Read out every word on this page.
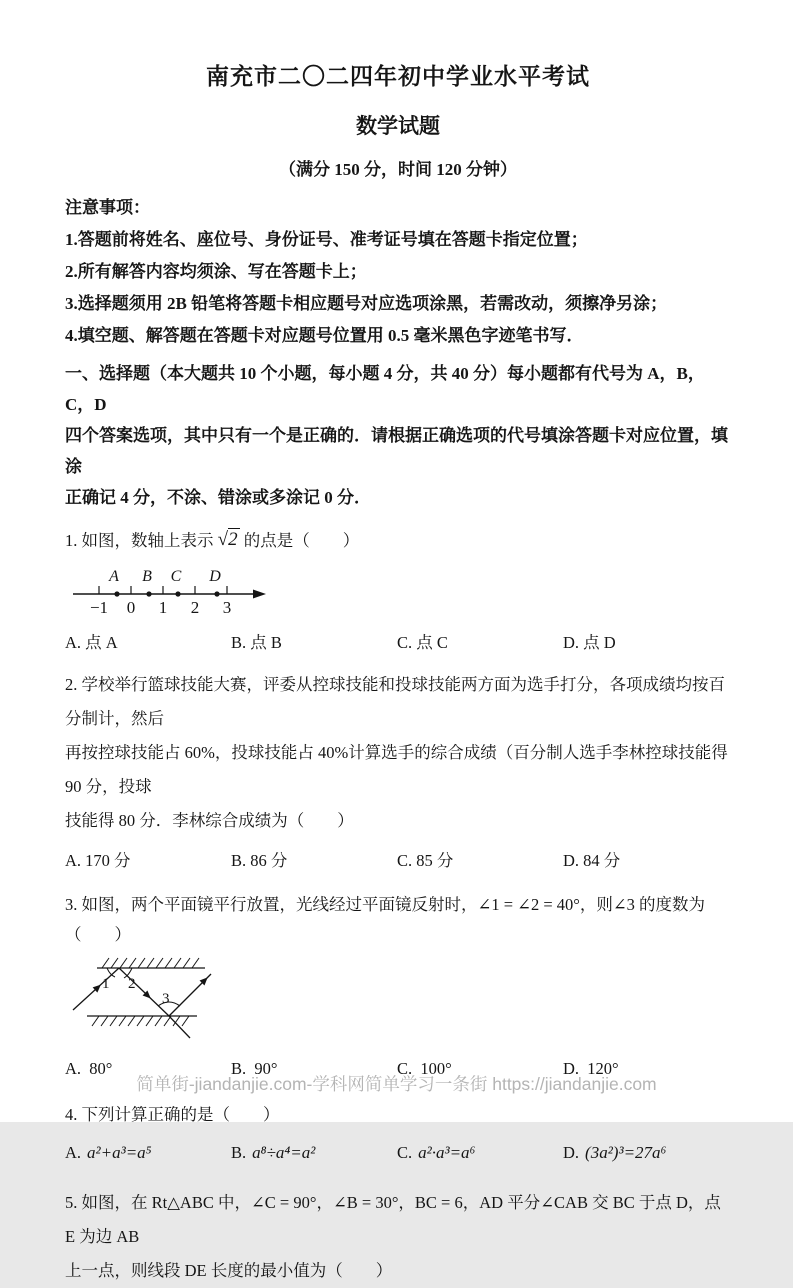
南充市二〇二四年初中学业水平考试
数学试题
（满分 150 分，时间 120 分钟）
注意事项：
1.答题前将姓名、座位号、身份证号、准考证号填在答题卡指定位置；
2.所有解答内容均须涂、写在答题卡上；
3.选择题须用 2B 铅笔将答题卡相应题号对应选项涂黑，若需改动，须擦净另涂；
4.填空题、解答题在答题卡对应题号位置用 0.5 毫米黑色字迹笔书写．
一、选择题（本大题共 10 个小题，每小题 4 分，共 40 分）每小题都有代号为 A，B，C，D
四个答案选项，其中只有一个是正确的．请根据正确选项的代号填涂答题卡对应位置，填涂
正确记 4 分，不涂、错涂或多涂记 0 分．
1. 如图，数轴上表示 √2 的点是（　　）
A B C D
−1 0 1 2 3
A. 点 A	B. 点 B	C. 点 C	D. 点 D
2. 学校举行篮球技能大赛，评委从控球技能和投球技能两方面为选手打分，各项成绩均按百分制计，然后
再按控球技能占 60%，投球技能占 40%计算选手的综合成绩（百分制人选手李林控球技能得 90 分，投球
技能得 80 分．李林综合成绩为（　　）
A. 170 分	B. 86 分	C. 85 分	D. 84 分
3. 如图，两个平面镜平行放置，光线经过平面镜反射时，∠1 = ∠2 = 40°，则∠3 的度数为（　　）
1 2
3
A.  80°	B.  90°	C.  100°	D.  120°
4. 下列计算正确的是（　　）
A. a²+a³=a⁵	B. a⁸÷a⁴=a²	C. a²·a³=a⁶	D. (3a²)³=27a⁶
5. 如图，在 Rt△ABC 中，∠C = 90°，∠B = 30°，BC = 6，AD 平分∠CAB 交 BC 于点 D，点 E 为边 AB
上一点，则线段 DE 长度的最小值为（　　）
简单街-jiandanjie.com-学科网简单学习一条街 https://jiandanjie.com
